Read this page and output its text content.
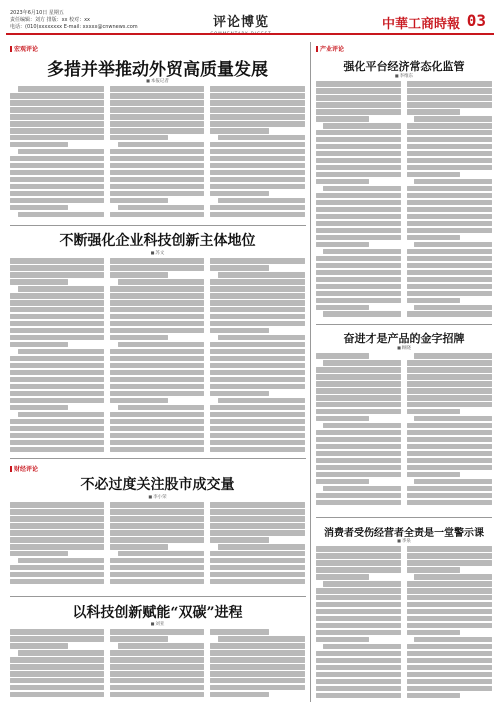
2023年6月10日 星期五
责任编辑：刘方 排版：xx 校对：xx
电话：(010)xxxxxxxx E-mail: xxxxx@cnwnews.com	评论博览	中華工商時報 03
宏观评论	产业评论
财经评论
多措并举推动外贸高质量发展
■ 本报记者
强化平台经济常态化监管
■ 李维东
不断强化企业科技创新主体地位
■ 苏文
奋进才是产品的金字招牌
■ 顾晓
不必过度关注股市成交量
■ 李小荣
消费者受伤经营者全责是一堂警示课
■ 李泉
以科技创新赋能“双碳”进程
■ 刘亚
